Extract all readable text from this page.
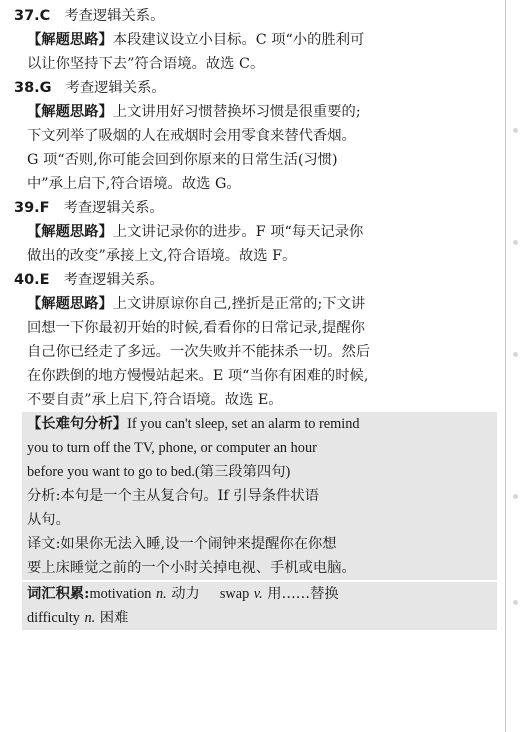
37.C 考查逻辑关系。
【解题思路】本段建议设立小目标。C 项“小的胜利可
以让你坚持下去”符合语境。故选 C。
38.G 考查逻辑关系。
【解题思路】上文讲用好习惯替换坏习惯是很重要的;
下文列举了吸烟的人在戒烟时会用零食来替代香烟。
G 项“否则,你可能会回到你原来的日常生活(习惯)
中”承上启下,符合语境。故选 G。
39.F 考查逻辑关系。
【解题思路】上文讲记录你的进步。F 项“每天记录你
做出的改变”承接上文,符合语境。故选 F。
40.E 考查逻辑关系。
【解题思路】上文讲原谅你自己,挫折是正常的;下文讲
回想一下你最初开始的时候,看看你的日常记录,提醒你
自己你已经走了多远。一次失败并不能抹杀一切。然后
在你跌倒的地方慢慢站起来。E 项“当你有困难的时候,
不要自责”承上启下,符合语境。故选 E。
【长难句分析】If you can't sleep, set an alarm to remind
you to turn off the TV, phone, or computer an hour
before you want to go to bed.(第三段第四句)
分析:本句是一个主从复合句。If 引导条件状语
从句。
译文:如果你无法入睡,设一个闹钟来提醒你在你想
要上床睡觉之前的一个小时关掉电视、手机或电脑。
词汇积累:motivation n. 动力 swap v. 用……替换
difficulty n. 困难
